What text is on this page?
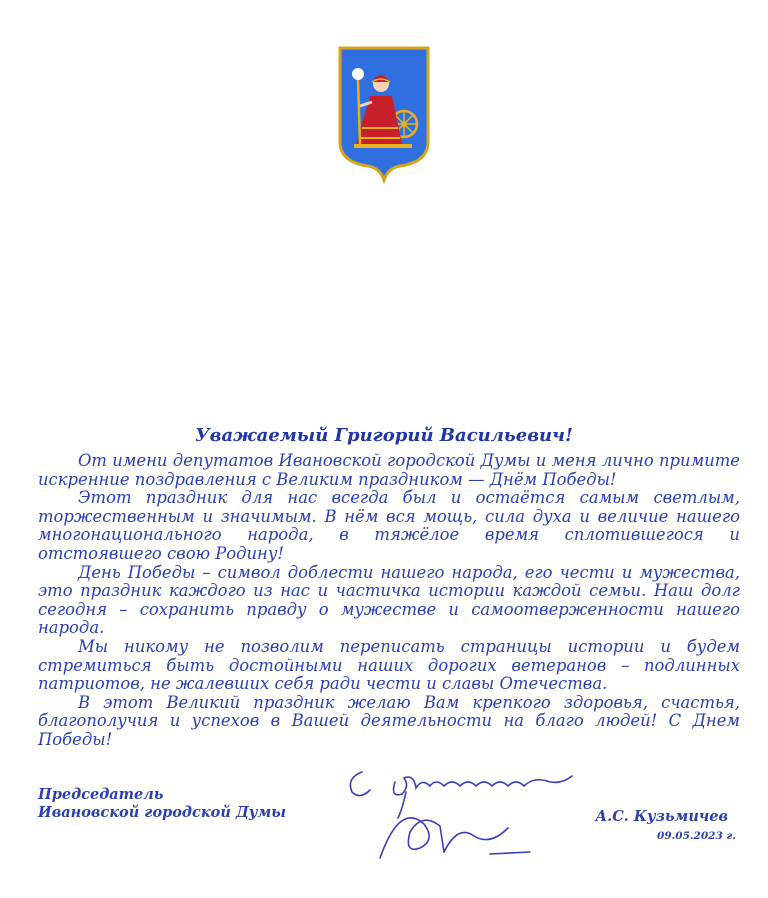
Уважаемый Григорий Васильевич!

От имени депутатов Ивановской городской Думы и меня лично примите искренние поздравления с Великим праздником — Днём Победы!

Этот праздник для нас всегда был и остаётся самым светлым, торжественным и значимым. В нём вся мощь, сила духа и величие нашего многонационального народа, в тяжёлое время сплотившегося и отстоявшего свою Родину!

День Победы – символ доблести нашего народа, его чести и мужества, это праздник каждого из нас и частичка истории каждой семьи. Наш долг сегодня – сохранить правду о мужестве и самоотверженности нашего народа.

Мы никому не позволим переписать страницы истории и будем стремиться быть достойными наших дорогих ветеранов – подлинных патриотов, не жалевших себя ради чести и славы Отечества.

В этот Великий праздник желаю Вам крепкого здоровья, счастья, благополучия и успехов в Вашей деятельности на благо людей! С Днем Победы!

Председатель
Ивановской городской Думы	А.С. Кузьмичев
09.05.2023 г.
